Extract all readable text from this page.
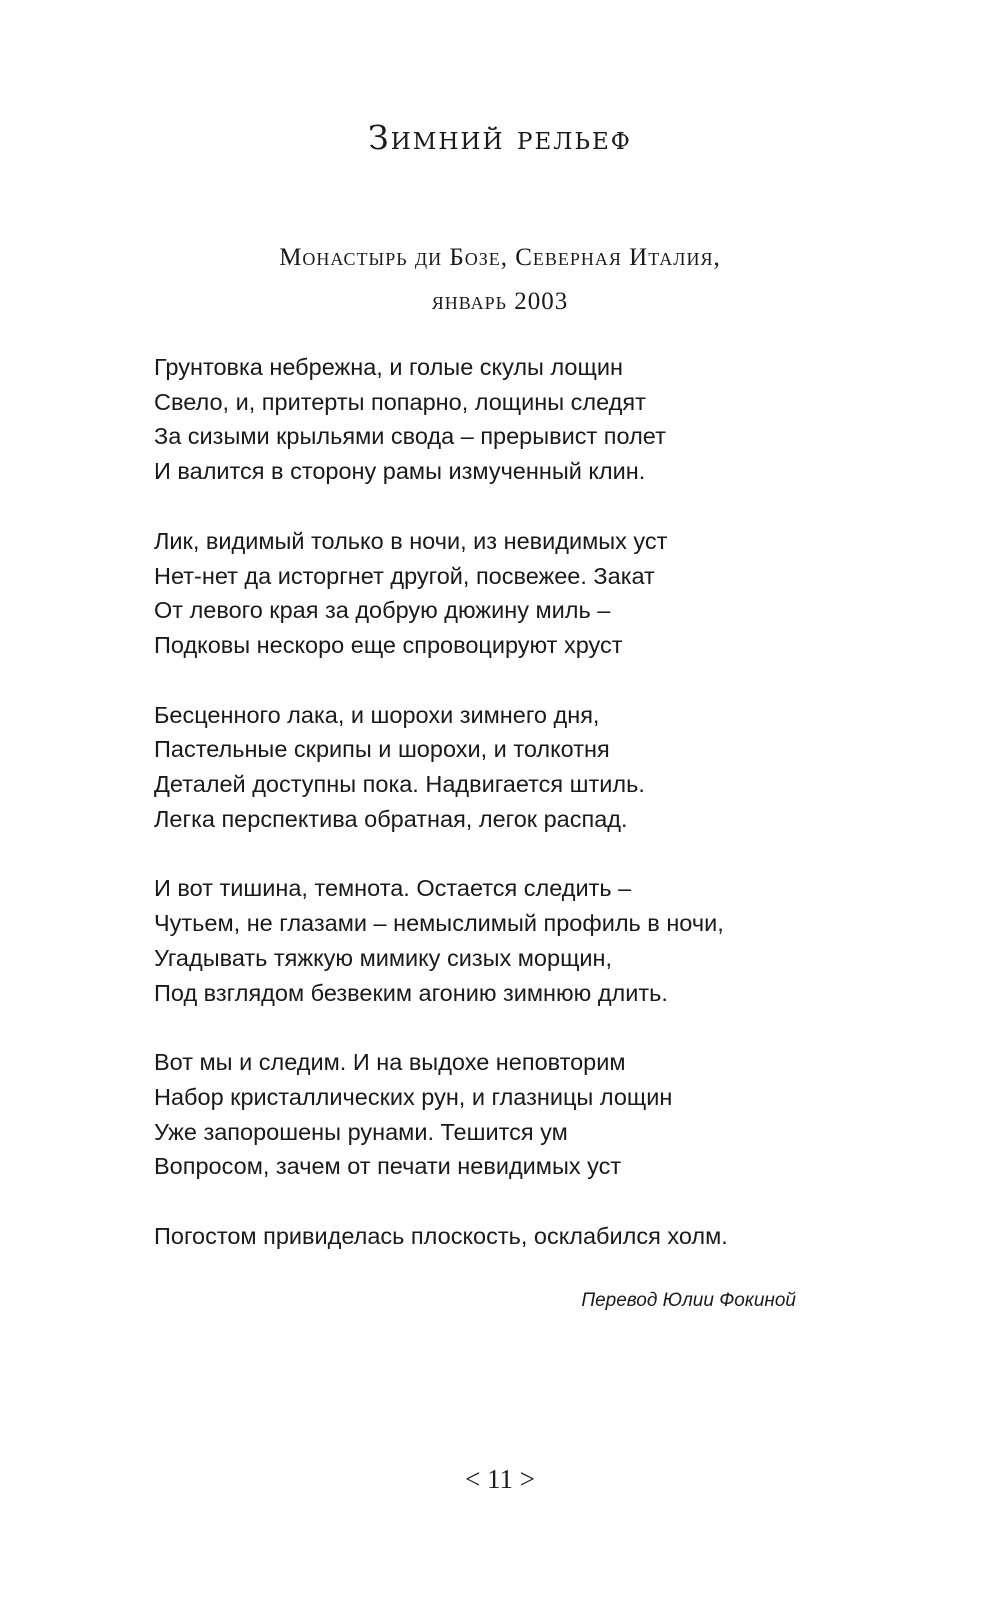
Зимний рельеф
Монастырь ди Бозе, Северная Италия,
январь 2003
Грунтовка небрежна, и голые скулы лощин
Свело, и, притерты попарно, лощины следят
За сизыми крыльями свода – прерывист полет
И валится в сторону рамы измученный клин.
Лик, видимый только в ночи, из невидимых уст
Нет-нет да исторгнет другой, посвежее. Закат
От левого края за добрую дюжину миль –
Подковы нескоро еще спровоцируют хруст
Бесценного лака, и шорохи зимнего дня,
Пастельные скрипы и шорохи, и толкотня
Деталей доступны пока. Надвигается штиль.
Легка перспектива обратная, легок распад.
И вот тишина, темнота. Остается следить –
Чутьем, не глазами – немыслимый профиль в ночи,
Угадывать тяжкую мимику сизых морщин,
Под взглядом безвеким агонию зимнюю длить.
Вот мы и следим. И на выдохе неповторим
Набор кристаллических рун, и глазницы лощин
Уже запорошены рунами. Тешится ум
Вопросом, зачем от печати невидимых уст
Погостом привиделась плоскость, осклабился холм.
Перевод Юлии Фокиной
< 11 >
